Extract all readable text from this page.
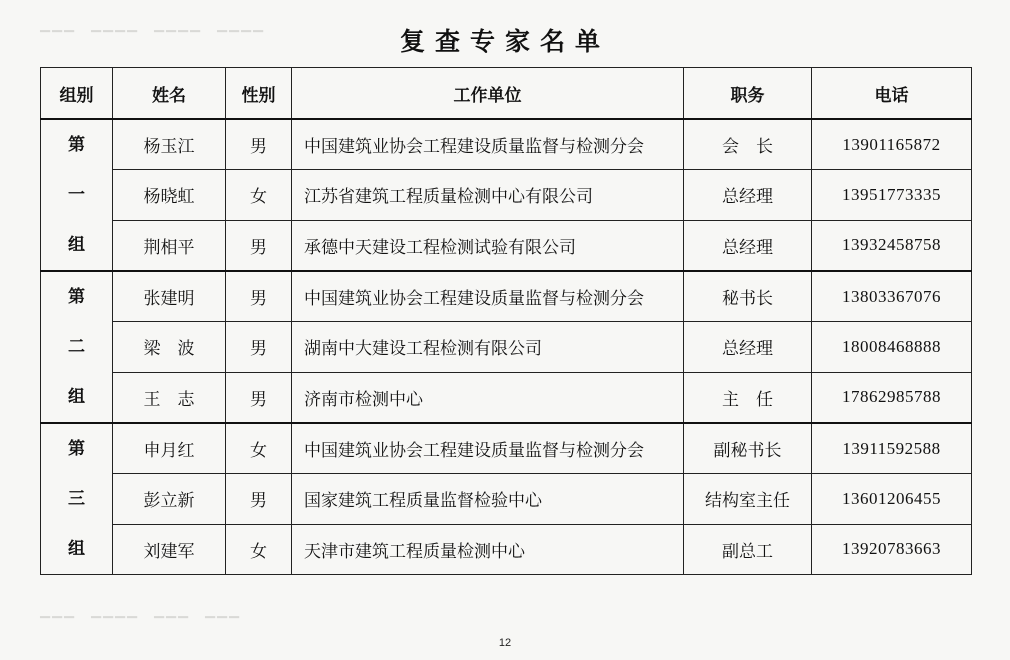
▁▁▁　▁▁▁▁　▁▁▁▁　▁▁▁▁
▁▁▁　▁▁▁▁　▁▁▁　▁▁▁
复查专家名单
组别	姓名	性别	工作单位	职务	电话

第
一
组	杨玉江	男	中国建筑业协会工程建设质量监督与检测分会	会　长	13901165872
	杨晓虹	女	江苏省建筑工程质量检测中心有限公司	总经理	13951773335
	荆相平	男	承德中天建设工程检测试验有限公司	总经理	13932458758

第
二
组	张建明	男	中国建筑业协会工程建设质量监督与检测分会	秘书长	13803367076
	梁　波	男	湖南中大建设工程检测有限公司	总经理	18008468888
	王　志	男	济南市检测中心	主　任	17862985788

第
三
组	申月红	女	中国建筑业协会工程建设质量监督与检测分会	副秘书长	13911592588
	彭立新	男	国家建筑工程质量监督检验中心	结构室主任	13601206455
	刘建军	女	天津市建筑工程质量检测中心	副总工	13920783663
12
